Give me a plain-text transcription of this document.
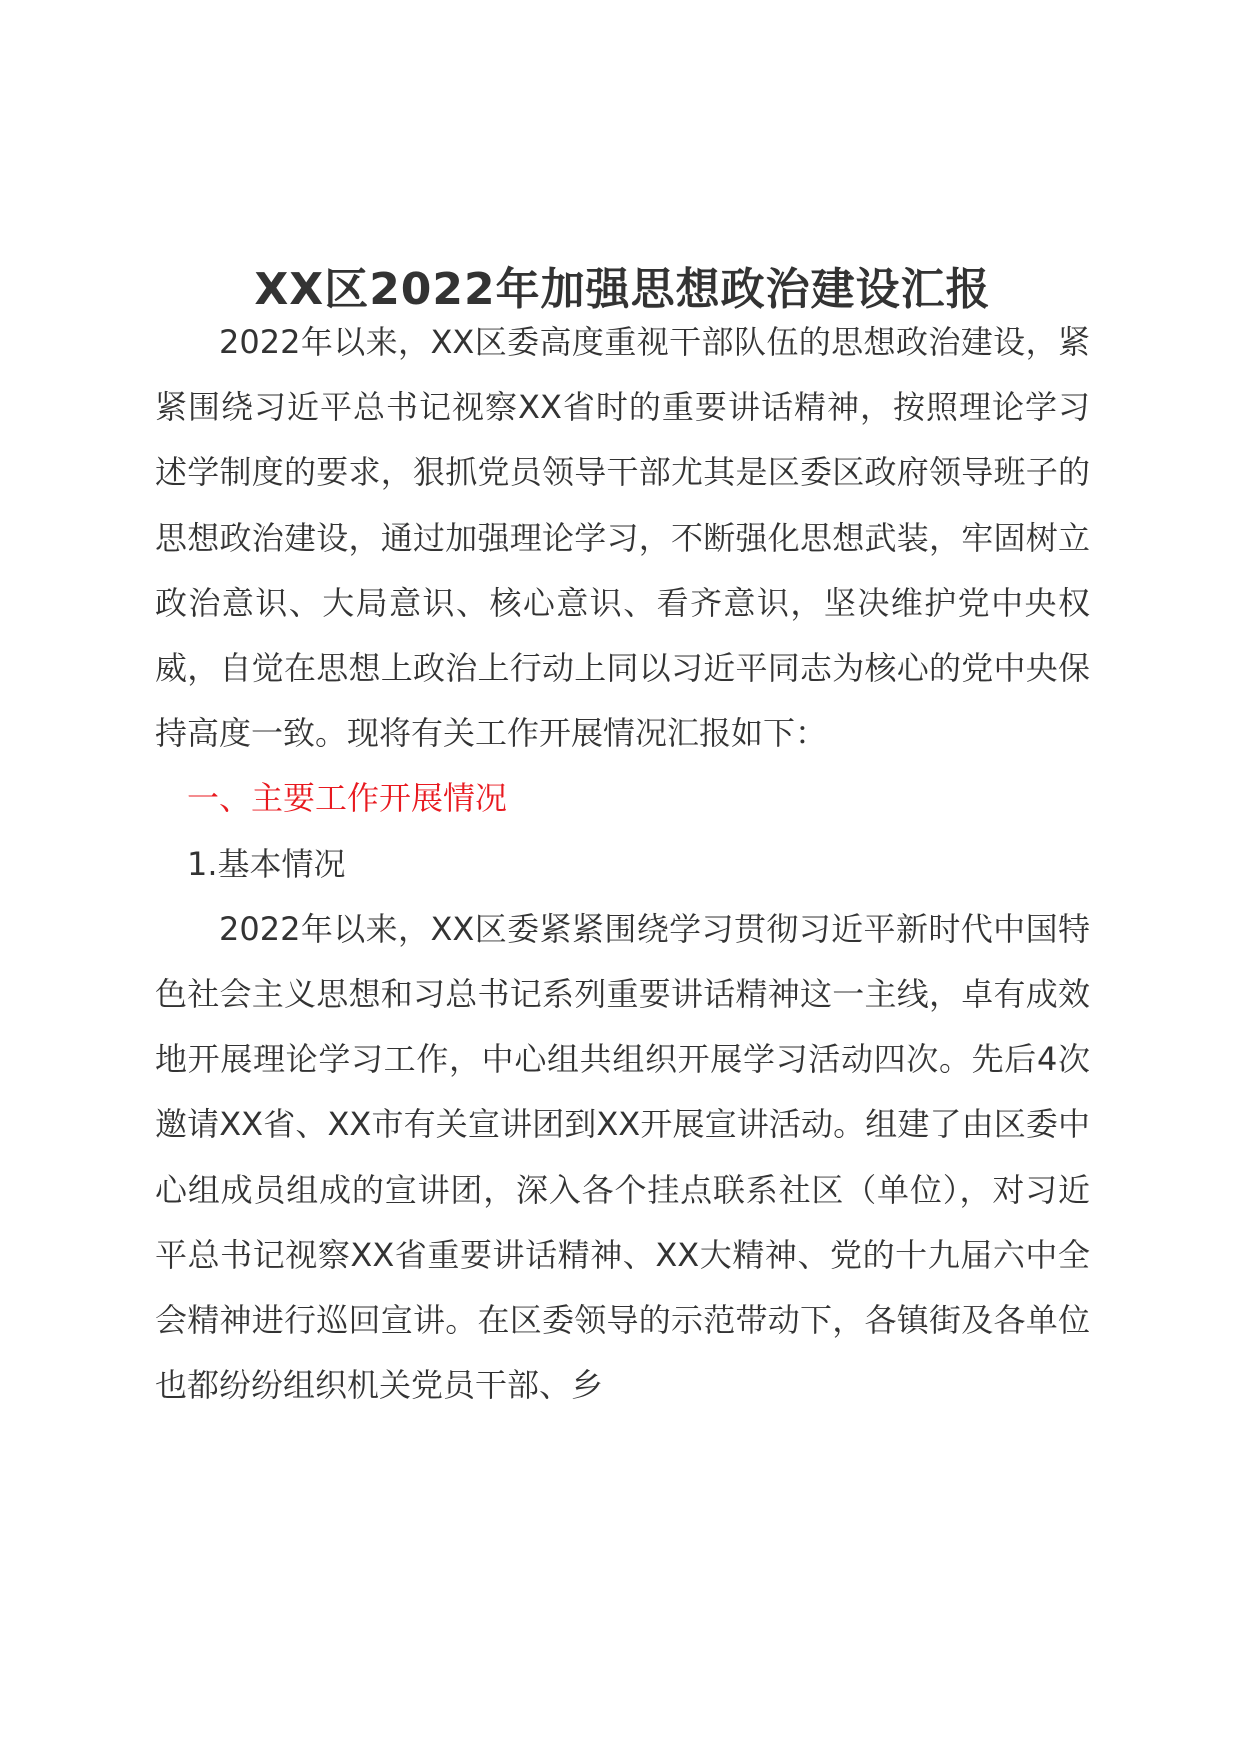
XX区2022年加强思想政治建设汇报

2022年以来，XX区委高度重视干部队伍的思想政治建设，紧紧围绕习近平总书记视察XX省时的重要讲话精神，按照理论学习述学制度的要求，狠抓党员领导干部尤其是区委区政府领导班子的思想政治建设，通过加强理论学习，不断强化思想武装，牢固树立政治意识、大局意识、核心意识、看齐意识，坚决维护党中央权威，自觉在思想上政治上行动上同以习近平同志为核心的党中央保持高度一致。现将有关工作开展情况汇报如下：

一、主要工作开展情况

1.基本情况

2022年以来，XX区委紧紧围绕学习贯彻习近平新时代中国特色社会主义思想和习总书记系列重要讲话精神这一主线，卓有成效地开展理论学习工作，中心组共组织开展学习活动四次。先后4次邀请XX省、XX市有关宣讲团到XX开展宣讲活动。组建了由区委中心组成员组成的宣讲团，深入各个挂点联系社区（单位），对习近平总书记视察XX省重要讲话精神、XX大精神、党的十九届六中全会精神进行巡回宣讲。在区委领导的示范带动下，各镇街及各单位也都纷纷组织机关党员干部、乡
